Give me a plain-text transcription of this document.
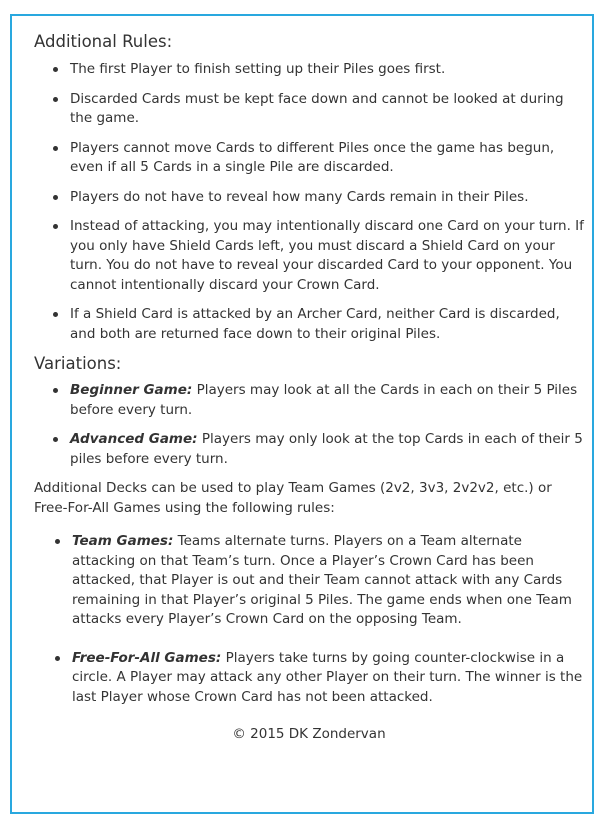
Additional Rules:
The first Player to finish setting up their Piles goes first.
Discarded Cards must be kept face down and cannot be looked at during the game.
Players cannot move Cards to different Piles once the game has begun, even if all 5 Cards in a single Pile are discarded.
Players do not have to reveal how many Cards remain in their Piles.
Instead of attacking, you may intentionally discard one Card on your turn. If you only have Shield Cards left, you must discard a Shield Card on your turn. You do not have to reveal your discarded Card to your opponent. You cannot intentionally discard your Crown Card.
If a Shield Card is attacked by an Archer Card, neither Card is discarded, and both are returned face down to their original Piles.
Variations:
Beginner Game: Players may look at all the Cards in each on their 5 Piles before every turn.
Advanced Game: Players may only look at the top Cards in each of their 5 piles before every turn.

Additional Decks can be used to play Team Games (2v2, 3v3, 2v2v2, etc.) or Free-For-All Games using the following rules:

Team Games: Teams alternate turns. Players on a Team alternate attacking on that Team’s turn. Once a Player’s Crown Card has been attacked, that Player is out and their Team cannot attack with any Cards remaining in that Player’s original 5 Piles. The game ends when one Team attacks every Player’s Crown Card on the opposing Team.
Free-For-All Games: Players take turns by going counter-clockwise in a circle. A Player may attack any other Player on their turn. The winner is the last Player whose Crown Card has not been attacked.
© 2015 DK Zondervan
